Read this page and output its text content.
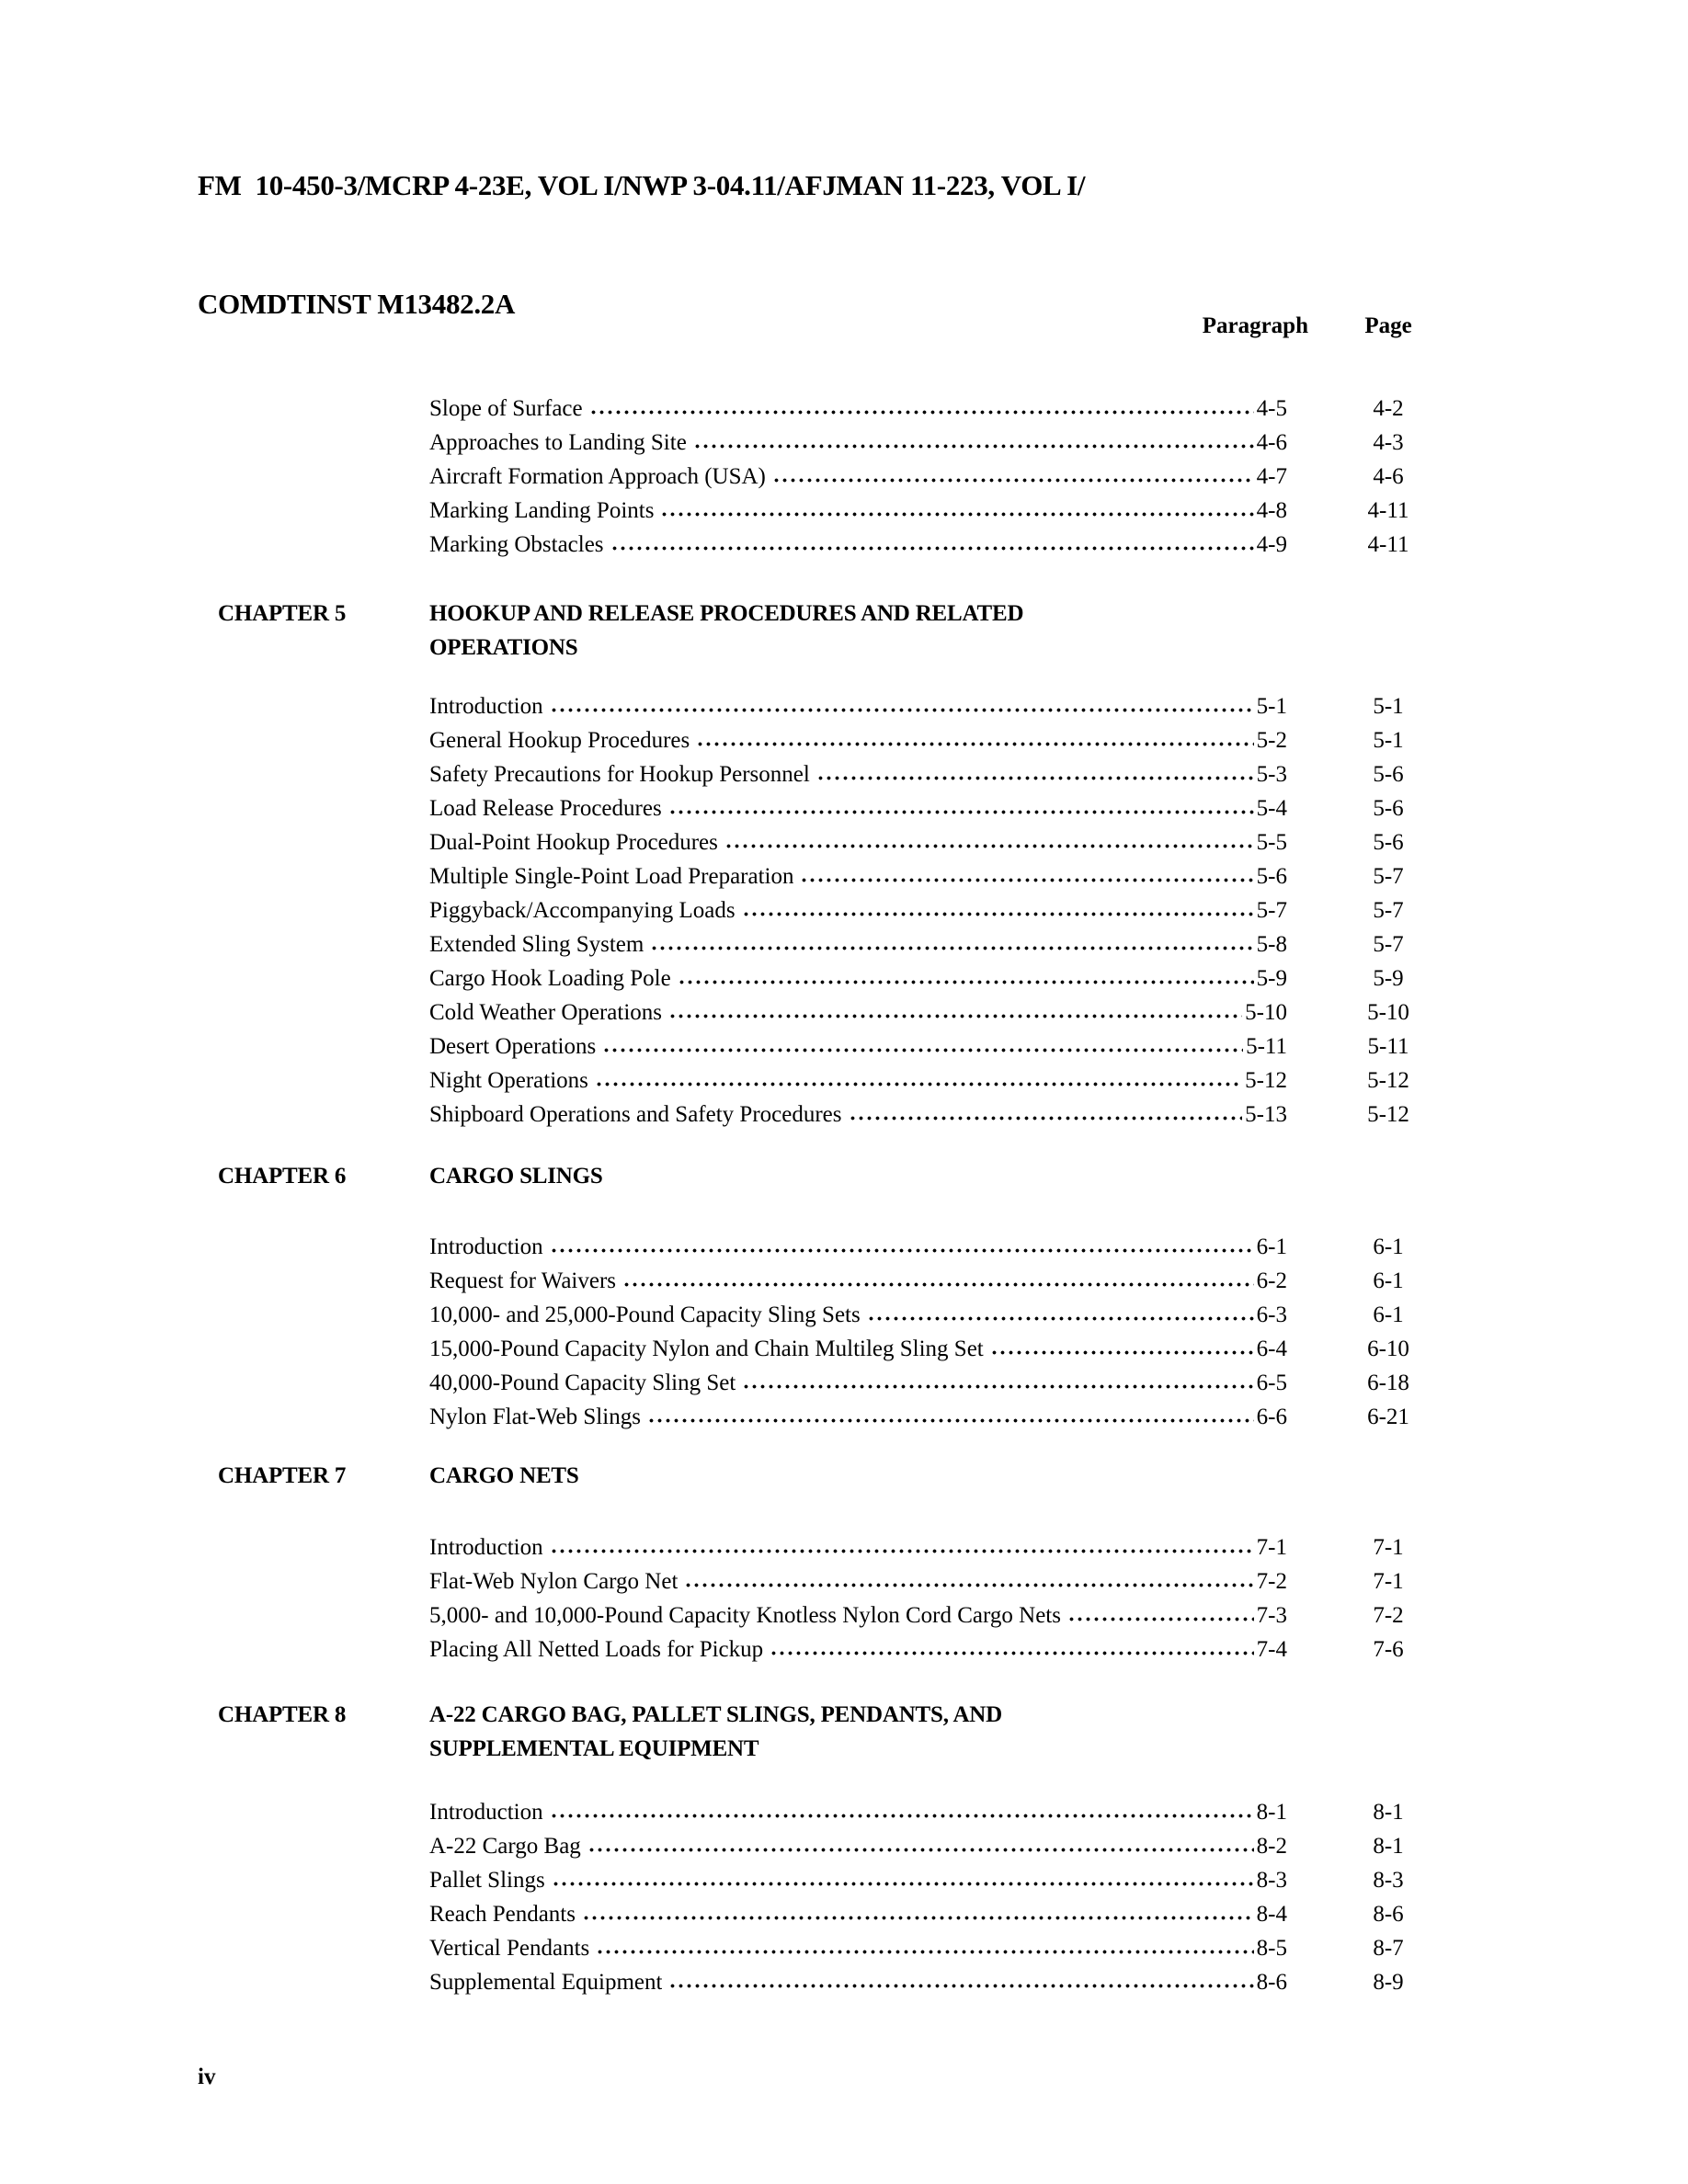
FM  10-450-3/MCRP 4-23E, VOL I/NWP 3-04.11/AFJMAN 11-223, VOL I/

COMDTINST M13482.2A

Paragraph	Page
Slope of Surface	4-5	4-2
Approaches to Landing Site	4-6	4-3
Aircraft Formation Approach (USA)	4-7	4-6
Marking Landing Points	4-8	4-11
Marking Obstacles	4-9	4-11
CHAPTER 5	HOOKUP AND RELEASE PROCEDURES AND RELATED OPERATIONS
Introduction	5-1	5-1
General Hookup Procedures	5-2	5-1
Safety Precautions for Hookup Personnel	5-3	5-6
Load Release Procedures	5-4	5-6
Dual-Point Hookup Procedures	5-5	5-6
Multiple Single-Point Load Preparation	5-6	5-7
Piggyback/Accompanying Loads	5-7	5-7
Extended Sling System	5-8	5-7
Cargo Hook Loading Pole	5-9	5-9
Cold Weather Operations	5-10	5-10
Desert Operations	5-11	5-11
Night Operations	5-12	5-12
Shipboard Operations and Safety Procedures	5-13	5-12
CHAPTER 6	CARGO SLINGS
Introduction	6-1	6-1
Request for Waivers	6-2	6-1
10,000- and 25,000-Pound Capacity Sling Sets	6-3	6-1
15,000-Pound Capacity Nylon and Chain Multileg Sling Set	6-4	6-10
40,000-Pound Capacity Sling Set	6-5	6-18
Nylon Flat-Web Slings	6-6	6-21
CHAPTER 7	CARGO NETS
Introduction	7-1	7-1
Flat-Web Nylon Cargo Net	7-2	7-1
5,000- and 10,000-Pound Capacity Knotless Nylon Cord Cargo Nets	7-3	7-2
Placing All Netted Loads for Pickup	7-4	7-6
CHAPTER 8	A-22 CARGO BAG, PALLET SLINGS, PENDANTS, AND SUPPLEMENTAL EQUIPMENT
Introduction	8-1	8-1
A-22 Cargo Bag	8-2	8-1
Pallet Slings	8-3	8-3
Reach Pendants	8-4	8-6
Vertical Pendants	8-5	8-7
Supplemental Equipment	8-6	8-9
iv
